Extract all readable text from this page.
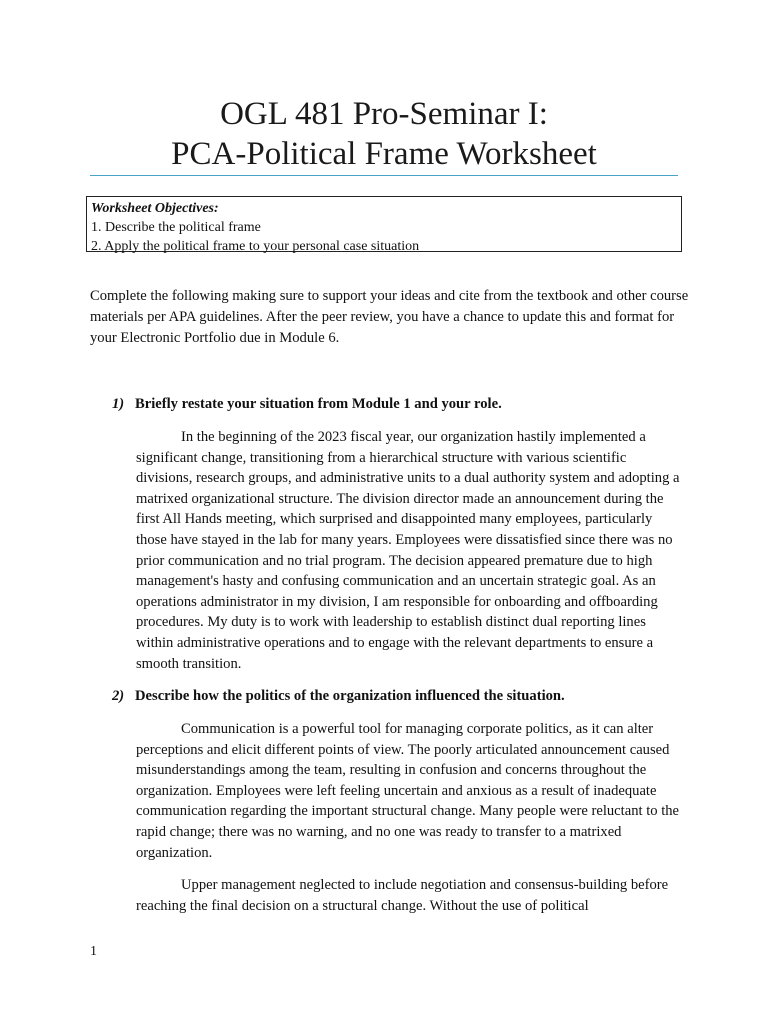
OGL 481 Pro-Seminar I:
PCA-Political Frame Worksheet
Worksheet Objectives:
1. Describe the political frame
2. Apply the political frame to your personal case situation
Complete the following making sure to support your ideas and cite from the textbook and other course materials per APA guidelines. After the peer review, you have a chance to update this and format for your Electronic Portfolio due in Module 6.
1) Briefly restate your situation from Module 1 and your role.
In the beginning of the 2023 fiscal year, our organization hastily implemented a significant change, transitioning from a hierarchical structure with various scientific divisions, research groups, and administrative units to a dual authority system and adopting a matrixed organizational structure. The division director made an announcement during the first All Hands meeting, which surprised and disappointed many employees, particularly those have stayed in the lab for many years. Employees were dissatisfied since there was no prior communication and no trial program. The decision appeared premature due to high management's hasty and confusing communication and an uncertain strategic goal. As an operations administrator in my division, I am responsible for onboarding and offboarding procedures. My duty is to work with leadership to establish distinct dual reporting lines within administrative operations and to engage with the relevant departments to ensure a smooth transition.
2) Describe how the politics of the organization influenced the situation.
Communication is a powerful tool for managing corporate politics, as it can alter perceptions and elicit different points of view. The poorly articulated announcement caused misunderstandings among the team, resulting in confusion and concerns throughout the organization. Employees were left feeling uncertain and anxious as a result of inadequate communication regarding the important structural change. Many people were reluctant to the rapid change; there was no warning, and no one was ready to transfer to a matrixed organization.
Upper management neglected to include negotiation and consensus-building before reaching the final decision on a structural change. Without the use of political
1
